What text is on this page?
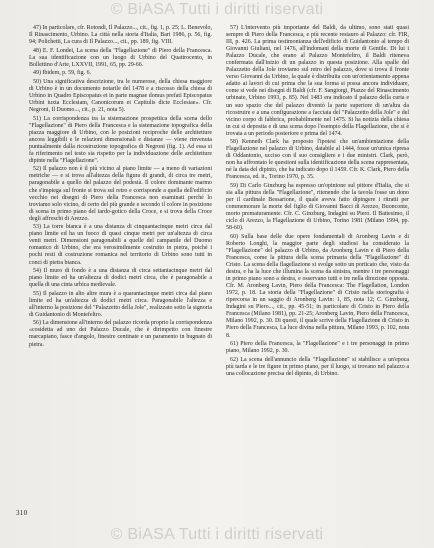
© BiASA Tutti i diritti riservati

47) In particolare, cfr. Rotondi, Il Palazzo..., cit., fig. 1, p. 25; L. Benevolo, Il Rinascimento, Urbino. La città nella storia d'Italia, Bari 1986, p. 56, fig. 94; Polichetti, La cura di Il Palazzo..., cit., pp. 189, fig. VIII.

48) E. F. Londei, La scena della "Flagellazione" di Piero della Francesca. La sua identificazione con un luogo di Urbino del Quattrocento, in Bollettino d'Arte, LXXVII, 1991, 65, pp. 29-66.

49) Ibidem, p. 59, fig. 6.

50) Una significativa descrizione, tra le numerose, della chiesa maggiore di Urbino è in un documento notarile del 1478 e a riscosso della chiesa di Urbino in Quadro Episcopatus et in parte magnae domus prefati Episcopatus Urbini iuxta Ecclesiam, Canonicorum et Capitulis dicte Ecclesiae». Cfr. Negroni, Il Duomo..., cit., p. 21, nota 5).

51) La corrispondenza tra la sistemazione prospettica della scena dello "Flagellazione" di Piero della Francesca e la sistemazione topografica della piazza maggiore di Urbino, con le posizioni reciproche delle architetture ancora leggibili e le relazioni dimensionali e distanze — viene rinvenuta puntualmente dalla ricostruzione topografica di Negroni (fig. 1). Ad essa si fa riferimento nel testo sia rispetto per la individuazione delle architetture dipinte nella "Flagellazione".

52) Il palazzo non è il più vicino al piano limite — a meno di variazioni metriche — e si trova all'altezza della figura di grandi, di circa tre metri, paragonabile a quello del palazzo del podestà. Il colore dominante marmo che s'impiega sul fronte si trova sul retro e corrisponde a quella dell'edificio vecchio nei disegni di Piero della Francesca non esaminati perché lo troviamo solo vicino, di certo del più grande e secondo il colore in posizione di scena in primo piano del tardo-gotico della Croce, e si trova della Croce degli affreschi di Arezzo.

53) La torre bianca è a una distanza di cinquantacinque metri circa dal piano limite ed ha un fuoco di quasi cinque metri per un'altezza di circa venti metri. Dimensioni paragonabili a quelle del campanile del Duomo romanico di Urbino, che era verosimilmente costruito in pietra, poichè i pochi resti di costruzione romanica nel territorio di Urbino sono tutti in conci di pietra bianca.

54) Il muro di fondo è a una distanza di circa settantacinque metri dal piano limite ed ha un'altezza di dodici metri circa, che è paragonabile a quella di una cinta urbica medievale.

55) Il palazzo in alto altre mura è a quarantacinque metri circa dal piano limite ed ha un'altezza di dodici metri circa. Paragonabile l'altezza e all'interno la posizione del "Palazzetto della Jole", realizzato sotto la signoria di Guidantonio di Montefeltro.

56) La dimensione all'interno del palazzo ricorda proprio la corrispondenza «cosidetta ad uno dei Palazzo Ducale, che è dirimpetto con finestre marcapiano, fasce d'angolo, finestre centinate e un paramento in bugnato di pietra.

57) L'intervento più importante del Baldi, da ultimo, sono stati quasi sempre di Piero della Francesca, e più recente restauro al Palazzo: cfr. FIR, III, p. 426. La prima testimonianza dell'edificio di Guidantonio al tempo di Giovanni Giuliani, nel 1476, all'indomani della morte di Gentile. Di lui i Palazzo Ducale, che erano al Palazzo Montefeltro, il Baldi riteneva confermata dall'inizio di un palazzo in questa posizione. Alla spalle del Palazzetto della Jole troviamo sul retro del palazzo, dove si trova il fronte verso Giovanni da Urbino, la quale è distribuita con un'orientamento appena adatto ai lavori di cui prima che la sua forma si possa ancora individuare, come si vede nei disegni di Baldi (cfr. F. Sangiorgi, Piazze del Rinascimento urbinate, Urbino 1993, p. 85). Nel 1483 era indicato il palazzo della curia e un suo spazio che del palazzo diventò la parte superiore di un'altra da ricostruire e a una configurazione a facciata del "Palazzetto della Jole" e del vicino corpo di fabbrica, probabilmente nel 1475. Si ha notizia della chiesa in cui si deposita e di una scena dopo l'esempio della Flagellazione, che si è trovata a un periodo posteriore e prima del 1474.

58) Kenneth Clark ha proposto l'ipotesi che un'ambientazione della Flagellazione nel palazzo di Urbino, databile al 1444, fosse un'unica ripresa di Oddantonio, ucciso con il suo consigliere e i due ministri. Clark, però, non ha affrontato le questioni sulla identificazione della scena rappresentata, né la data del dipinto, che ha indicato dopo il 1459. Cfr. K. Clark, Piero della Francesca, ed. it., Torino 1970, p. 35.

59) Di Carlo Ginzburg ha espresso un'opinione sul pittore d'Italia, che si sia alla pittura della "Flagellazione", ritenendo che la tavola fosse un dono per il cardinale Bessarione, il quale aveva fatto dipingere i ritratti per commemorare la morte del figlio di Giovanni Bacci di Arezzo, Buonconte, morto prematuramente. Cfr. C. Ginzburg, Indagini su Piero. Il Battesimo, il ciclo di Arezzo, la Flagellazione di Urbino, Torino 1981 (Milano 1994, pp. 58-60).

60) Sulla base delle due opere fondamentali di Aronberg Lavin e di Roberto Longhi, la maggior parte degli studiosi ha considerato la "Flagellazione" del palazzo di Urbino, da Aronberg Lavin e di Piero della Francesca, come la pittura della scena primaria della "Flagellazione" di Cristo. La scena della flagellazione si svolge sotto un porticato che, visto da destra, e ha la luce che illumina la scena da sinistra, mentre i tre personaggi in primo piano sono a destra, e osservano tutti e tre nella direzione opposta. Cfr. M. Aronberg Lavin, Piero della Francesca: The Flagellation, London 1972, p. 18. La storia della "Flagellazione" di Cristo nella storiografia è ripercorsa in un saggio di Aronberg Lavin: 1, 85, nota 12; C. Ginzburg, Indagini su Piero..., cit., pp. 45-51; in particolare di Cristo in Piero della Francesca (Milano 1981), pp. 21-25; Aronberg Lavin, Piero della Francesca, Milano 1992, p. 30. Di questi, il quale scrive della Flagellazione di Cristo in Piero della Francesca, La luce divina nella pittura, Milano 1993, p. 102, nota 8.

61) Piero della Francesca, la "Flagellazione" e i tre personaggi in primo piano, Milano 1992, p. 30.

62) La scena dell'annuncio della "Flagellazione" si stabilisce a un'epoca più tarda e le tre figure in primo piano, per il luogo, si trovano nel palazzo a una collocazione precisa del dipinto, di Urbino.

310
© BiASA Tutti i diritti riservati
